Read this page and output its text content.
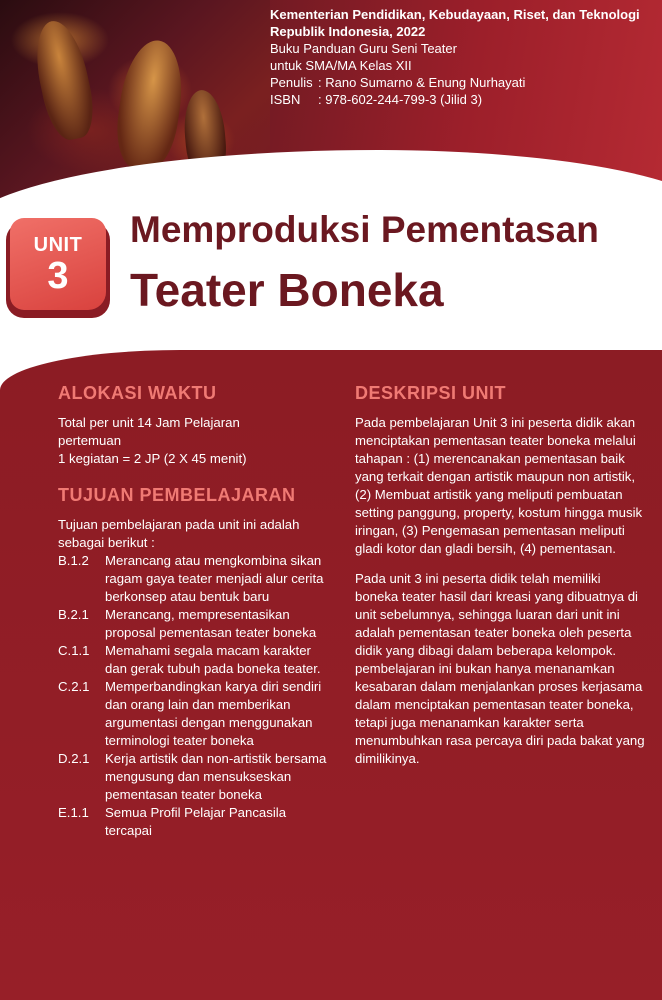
Kementerian Pendidikan, Kebudayaan, Riset, dan Teknologi
Republik Indonesia, 2022
Buku Panduan Guru Seni Teater
untuk SMA/MA Kelas XII
Penulis : Rano Sumarno & Enung Nurhayati
ISBN : 978-602-244-799-3 (Jilid 3)
UNIT
3
Memproduksi Pementasan
Teater Boneka
ALOKASI WAKTU

Total per unit 14 Jam Pelajaran

pertemuan

1 kegiatan = 2 JP (2 X 45 menit)

TUJUAN PEMBELAJARAN

Tujuan pembelajaran pada unit ini adalah sebagai berikut :

B.1.2	Merancang atau mengkombina sikan ragam gaya teater menjadi alur cerita berkonsep atau bentuk baru
B.2.1	Merancang, mempresentasikan proposal pementasan teater boneka
C.1.1	Memahami segala macam karakter dan gerak tubuh pada boneka teater.
C.2.1	Memperbandingkan karya diri sendiri dan orang lain dan memberikan argumentasi dengan menggunakan terminologi teater boneka
D.2.1	Kerja artistik dan non-artistik bersama mengusung dan mensukseskan pementasan teater boneka
E.1.1	Semua Profil Pelajar Pancasila tercapai
DESKRIPSI UNIT

Pada pembelajaran Unit 3 ini peserta didik akan menciptakan pementasan teater boneka melalui tahapan : (1) merencanakan pementasan baik yang terkait dengan artistik maupun non artistik, (2) Membuat artistik yang meliputi pembuatan setting panggung, property, kostum hingga musik iringan, (3) Pengemasan pementasan meliputi gladi kotor dan gladi bersih, (4) pementasan.

Pada unit 3 ini peserta didik telah memiliki boneka teater hasil dari kreasi yang dibuatnya di unit sebelumnya, sehingga luaran dari unit ini adalah pementasan teater boneka oleh peserta didik yang dibagi dalam beberapa kelompok. pembelajaran ini bukan hanya menanamkan kesabaran dalam menjalankan proses kerjasama dalam menciptakan pementasan teater boneka, tetapi juga menanamkan karakter serta menumbuhkan rasa percaya diri pada bakat yang dimilikinya.
